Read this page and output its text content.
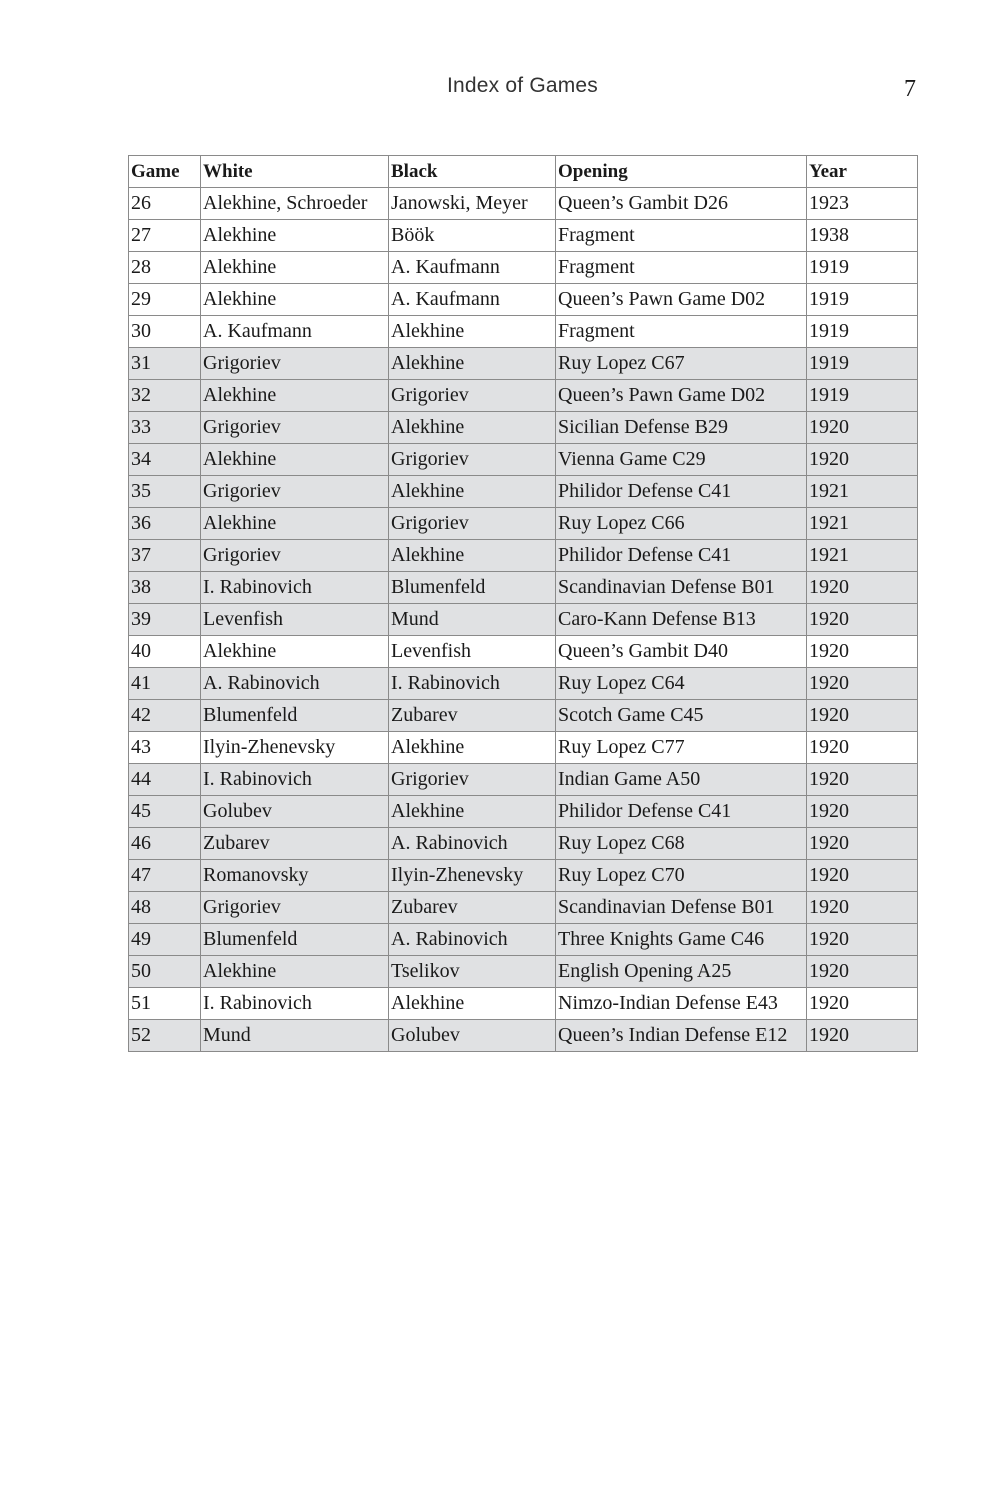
Index of Games	7
Game	White	Black	Opening	Year
26	Alekhine, Schroeder	Janowski, Meyer	Queen’s Gambit D26	1923
27	Alekhine	Böök	Fragment	1938
28	Alekhine	A. Kaufmann	Fragment	1919
29	Alekhine	A. Kaufmann	Queen’s Pawn Game D02	1919
30	A. Kaufmann	Alekhine	Fragment	1919
31	Grigoriev	Alekhine	Ruy Lopez C67	1919
32	Alekhine	Grigoriev	Queen’s Pawn Game D02	1919
33	Grigoriev	Alekhine	Sicilian Defense B29	1920
34	Alekhine	Grigoriev	Vienna Game C29	1920
35	Grigoriev	Alekhine	Philidor Defense C41	1921
36	Alekhine	Grigoriev	Ruy Lopez C66	1921
37	Grigoriev	Alekhine	Philidor Defense C41	1921
38	I. Rabinovich	Blumenfeld	Scandinavian Defense B01	1920
39	Levenfish	Mund	Caro-Kann Defense B13	1920
40	Alekhine	Levenfish	Queen’s Gambit D40	1920
41	A. Rabinovich	I. Rabinovich	Ruy Lopez C64	1920
42	Blumenfeld	Zubarev	Scotch Game C45	1920
43	Ilyin-Zhenevsky	Alekhine	Ruy Lopez C77	1920
44	I. Rabinovich	Grigoriev	Indian Game A50	1920
45	Golubev	Alekhine	Philidor Defense C41	1920
46	Zubarev	A. Rabinovich	Ruy Lopez C68	1920
47	Romanovsky	Ilyin-Zhenevsky	Ruy Lopez C70	1920
48	Grigoriev	Zubarev	Scandinavian Defense B01	1920
49	Blumenfeld	A. Rabinovich	Three Knights Game C46	1920
50	Alekhine	Tselikov	English Opening A25	1920
51	I. Rabinovich	Alekhine	Nimzo-Indian Defense E43	1920
52	Mund	Golubev	Queen’s Indian Defense E12	1920
